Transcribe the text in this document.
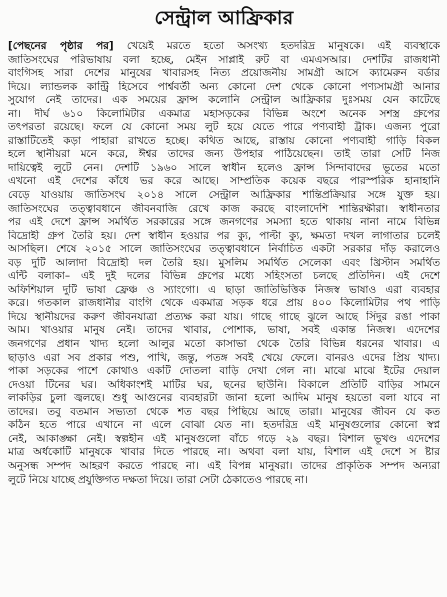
সেন্ট্রাল আফ্রিকার
[পেছনের পৃষ্ঠার পর] খেয়েই মরতে হতো অসংখ্য হতদরিদ্র মানুষকে। এই ব্যবস্থাকে
জাতিসংঘের পরিভাষায় বলা হচ্ছে, মেইন সাপ্লাই রুট বা এমএসআর। দেশটির রাজধানী
বাংগিসহ সারা দেশের মানুষের খাবারসহ নিত্য প্রয়োজনীয় সামগ্রী আসে ক্যামেরুন বর্ডার
দিয়ে। ল্যান্ডলক কান্ট্রি হিসেবে পার্শ্ববর্তী অন্য কোনো দেশ থেকে কোনো পণ্যসামগ্রী আনার
সুযোগ নেই তাদের। এক সময়ের ফ্রান্স কলোনি সেন্ট্রাল আফ্রিকার দুঃসময় যেন কাটেছে
না। দীর্ঘ ৬১০ কিলোমিটার একমাত্র মহাসড়কের বিভিন্ন অংশে অনেক সশস্ত্র গ্রুপের
তৎপরতা রয়েছে। ফলে যে কোনো সময় লুট হয়ে যেতে পারে পণ্যবাহী ট্রাক। এজন্য পুরো
রাস্তাটিতেই কড়া পাহারা রাখতে হচ্ছে। কথিত আছে, রাস্তায় কোনো পণ্যবাহী গাড়ি বিকল
হলে স্থানীয়রা মনে করে, ঈশ্বর তাদের জন্য উপহার পাঠিয়েছেন। তাই তারা সেটি নিজ
দায়িত্বেই লুটে নেন। দেশটি ১৯৬০ সালে স্বাধীন হলেও ফ্রান্স সিন্দাবাদের ভূতের মতো
এখনো এই দেশের কাঁধে ভর করে আছে। সাম্প্রতিক কয়েক বছরে পারস্পরিক হানাহানি
বেড়ে যাওয়ায় জাতিসংঘ ২০১৪ সালে সেন্ট্রাল আফ্রিকার শান্তিপ্রক্রিয়ার সঙ্গে যুক্ত হয়।
জাতিসংঘের তত্ত্বাবধানে জীবনবাজি রেখে কাজ করছে বাংলাদেশি শান্তিরক্ষীরা। স্বাধীনতার
পর এই দেশে ফ্রান্স সমর্থিত সরকারের সঙ্গে জনগণের সমস্যা হতে থাকায় নানা নামে বিভিন্ন
বিদ্রোহী গ্রুপ তৈরি হয়। দেশ স্বাধীন হওয়ার পর ক্যু, পাল্টা ক্যু, ক্ষমতা দখল লাগাতার চলেই
আসছিল। শেষে ২০১৫ সালে জাতিসংঘের তত্ত্বাবধানে নির্বাচিত একটা সরকার দাঁড় করালেও
বড় দুটি আলাদা বিদ্রোহী দল তৈরি হয়। মুসলিম সমর্থিত সেলেকা এবং খ্রিস্টান সমর্থিত
এন্টি বলাকা– এই দুই দলের বিভিন্ন গ্রুপের মধ্যে সহিংসতা চলছে প্রতিদিন। এই দেশে
অফিশিয়াল দুটি ভাষা ফ্রেঞ্চ ও স্যাংগো। এ ছাড়া জাতিভিত্তিক নিজস্ব ভাষাও এরা ব্যবহার
করে। গতকাল রাজধানীর বাংগি থেকে একমাত্র সড়ক ধরে প্রায় ৪০০ কিলোমিটার পথ পাড়ি
দিয়ে স্থানীয়দের করুণ জীবনযাত্রা প্রত্যক্ষ করা যায়। গাছে গাছে ঝুলে আছে সিঁদুর রঙা পাকা
আম। খাওয়ার মানুষ নেই। তাদের খাবার, পোশাক, ভাষা, সবই একান্ত নিজস্ব। এদেশের
জনগণের প্রধান খাদ্য হলো আলুর মতো কাসাভা থেকে তৈরি বিভিন্ন ধরনের খাবার। এ
ছাড়াও এরা সব প্রকার পশু, পাখি, জন্তু, পতঙ্গ সবই খেয়ে ফেলে। বানরও এদের প্রিয় খাদ্য।
পাকা সড়কের পাশে কোথাও একটি দোতলা বাড়ি দেখা গেল না। মাঝে মাঝে ইটের দেয়াল
দেওয়া টিনের ঘর। অধিকাংশই মাটির ঘর, ছনের ছাউনি। বিকালে প্রতিটি বাড়ির সামনে
লাকড়ির চুলা জ্বলছে। শুধু আগুনের ব্যবহারটা জানা হলো আদিম মানুষ হয়তো বলা যাবে না
তাদের। তবু বতমান সভ্যতা থেকে শত বছর পিছিয়ে আছে তারা। মানুষের জীবন যে কত
কঠিন হতে পারে এখানে না এলে বোঝা যেত না। হতদরিদ্র এই মানুষগুলোর কোনো স্বপ্ন
নেই, আকাঙ্ক্ষা নেই। স্বল্পহীন এই মানুষগুলো বাঁচে গড়ে ২৯ বছর। বিশাল ভূখণ্ড এদেশের
মাত্র অর্ধকোটি মানুষকে খাবার দিতে পারছে না। অথবা বলা যায়, বিশাল এই দেশে স ষ্টার
অনুসন্ধ সম্পদ আহরণ করতে পারছে না। এই বিপন্ন মানুষরা। তাদের প্রাকৃতিক সম্পদ অন্যরা
লুটে নিয়ে যাচ্ছে প্রযুক্তিগত দক্ষতা দিয়ে। তারা সেটা ঠেকাতেও পারছে না।
